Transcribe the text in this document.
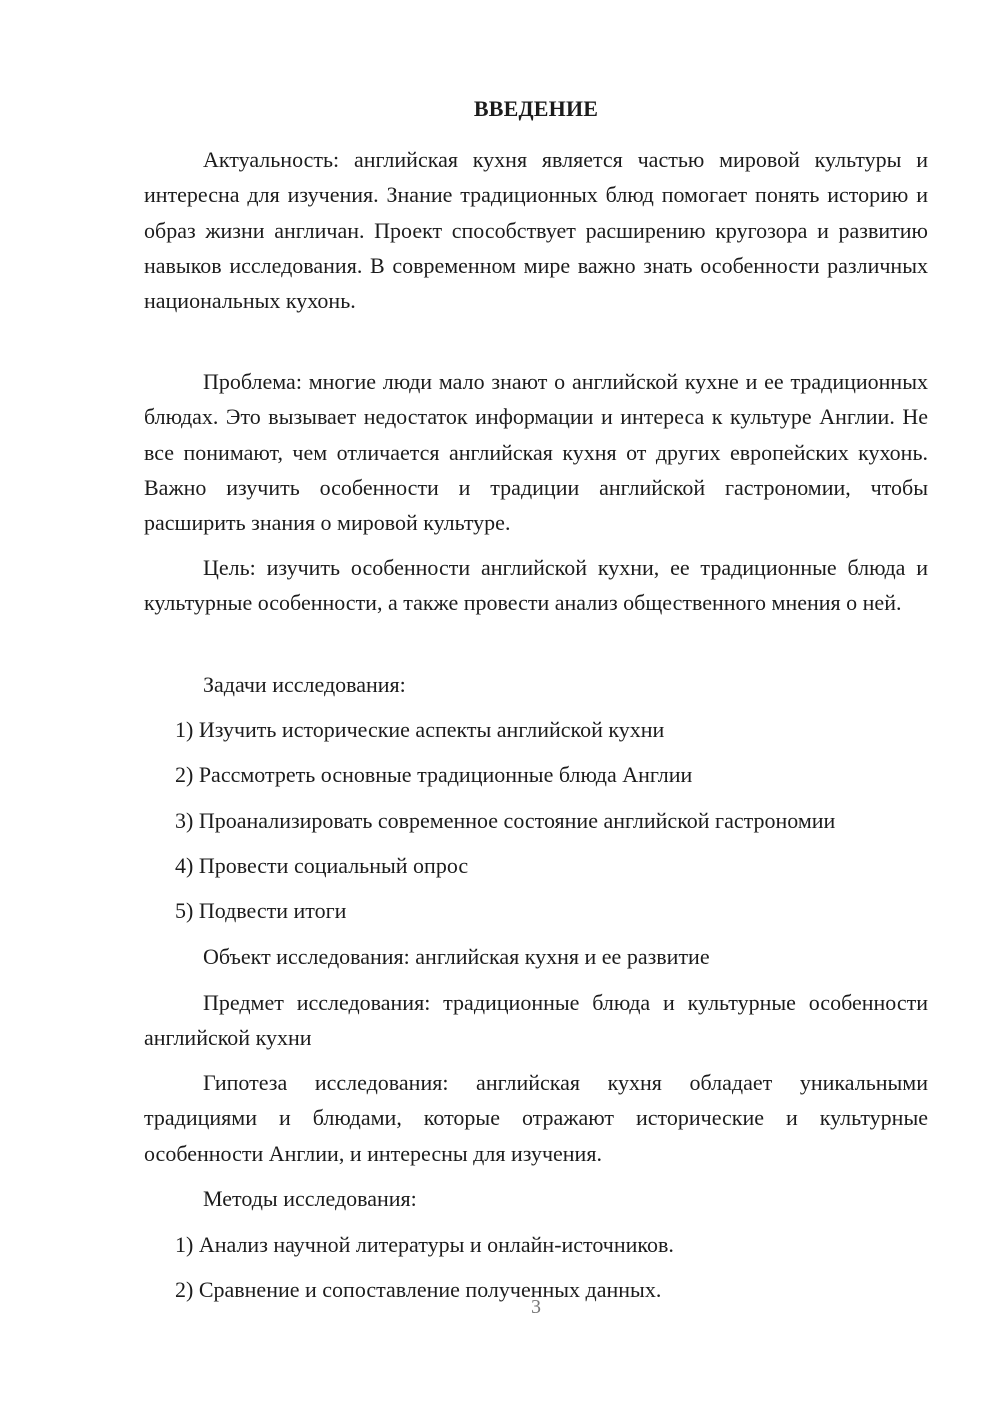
ВВЕДЕНИЕ

Актуальность: английская кухня является частью мировой культуры и интересна для изучения. Знание традиционных блюд помогает понять историю и образ жизни англичан. Проект способствует расширению кругозора и развитию навыков исследования. В современном мире важно знать особенности различных национальных кухонь.

Проблема: многие люди мало знают о английской кухне и ее традиционных блюдах. Это вызывает недостаток информации и интереса к культуре Англии. Не все понимают, чем отличается английская кухня от других европейских кухонь. Важно изучить особенности и традиции английской гастрономии, чтобы расширить знания о мировой культуре.

Цель: изучить особенности английской кухни, ее традиционные блюда и культурные особенности, а также провести анализ общественного мнения о ней.

Задачи исследования:
1) Изучить исторические аспекты английской кухни
2) Рассмотреть основные традиционные блюда Англии
3) Проанализировать современное состояние английской гастрономии
4) Провести социальный опрос
5) Подвести итоги
Объект исследования: английская кухня и ее развитие

Предмет исследования: традиционные блюда и культурные особенности английской кухни

Гипотеза исследования: английская кухня обладает уникальными традициями и блюдами, которые отражают исторические и культурные особенности Англии, и интересны для изучения.

Методы исследования:
1) Анализ научной литературы и онлайн-источников.
2) Сравнение и сопоставление полученных данных.
3
